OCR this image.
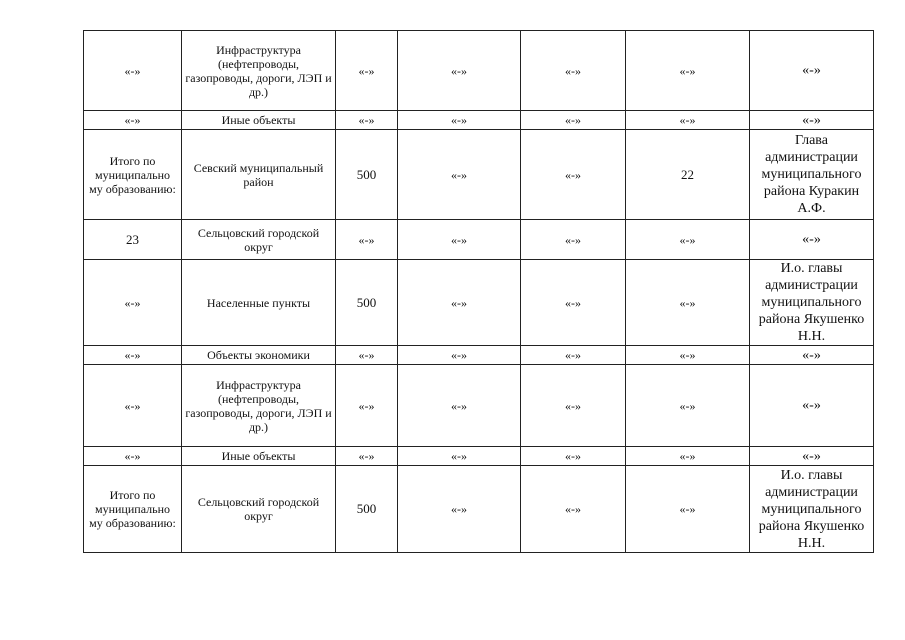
«-»	Инфраструктура (нефтепроводы, газопроводы, дороги, ЛЭП и др.)	«-»	«-»	«-»	«-»	«-»
«-»	Иные объекты	«-»	«-»	«-»	«-»	«-»
Итого по муниципально му образованию:	Севский муниципальный район	500	«-»	«-»	22	Глава администрации муниципального района Куракин А.Ф.
23	Сельцовский городской округ	«-»	«-»	«-»	«-»	«-»
«-»	Населенные пункты	500	«-»	«-»	«-»	И.о. главы администрации муниципального района Якушенко Н.Н.
«-»	Объекты экономики	«-»	«-»	«-»	«-»	«-»
«-»	Инфраструктура (нефтепроводы, газопроводы, дороги, ЛЭП и др.)	«-»	«-»	«-»	«-»	«-»
«-»	Иные объекты	«-»	«-»	«-»	«-»	«-»
Итого по муниципально му образованию:	Сельцовский городской округ	500	«-»	«-»	«-»	И.о. главы администрации муниципального района Якушенко Н.Н.
